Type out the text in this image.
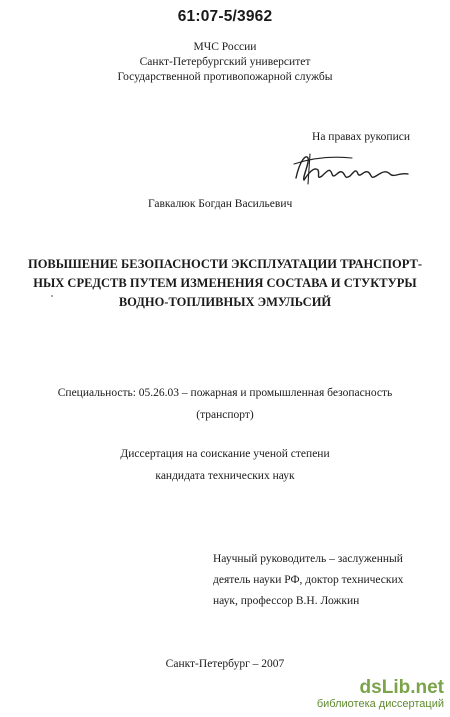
61:07-5/3962
МЧС России
Санкт-Петербургский университет
Государственной противопожарной службы
На правах рукописи
Гавкалюк Богдан Васильевич
ПОВЫШЕНИЕ БЕЗОПАСНОСТИ ЭКСПЛУАТАЦИИ ТРАНСПОРТ-
НЫХ СРЕДСТВ ПУТЕМ ИЗМЕНЕНИЯ СОСТАВА И СТУКТУРЫ
ВОДНО-ТОПЛИВНЫХ ЭМУЛЬСИЙ
Специальность: 05.26.03 – пожарная и промышленная безопасность
(транспорт)
Диссертация на соискание ученой степени
кандидата технических наук
Научный руководитель – заслуженный
деятель науки РФ, доктор технических
наук, профессор В.Н. Ложкин
Санкт-Петербург – 2007
dsLib.net
библиотека диссертаций
